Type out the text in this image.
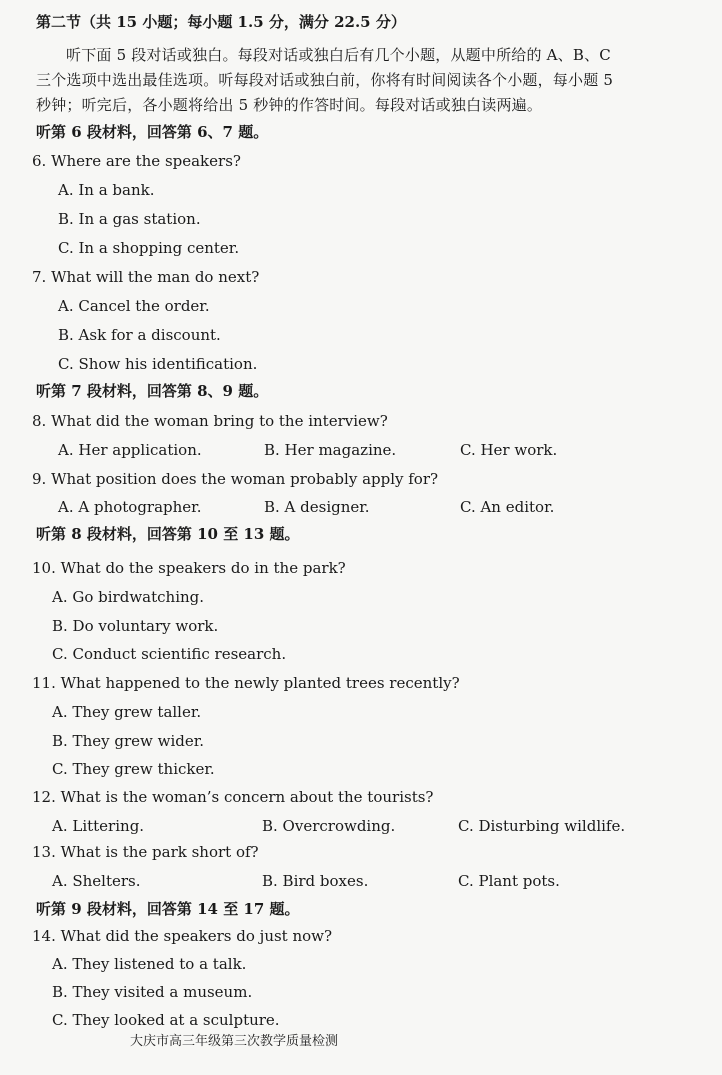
第二节（共 15 小题；每小题 1.5 分，满分 22.5 分）
听下面 5 段对话或独白。每段对话或独白后有几个小题，从题中所给的 A、B、C
三个选项中选出最佳选项。听每段对话或独白前，你将有时间阅读各个小题，每小题 5
秒钟；听完后，各小题将给出 5 秒钟的作答时间。每段对话或独白读两遍。
听第 6 段材料，回答第 6、7 题。
6. Where are the speakers?
A. In a bank.
B. In a gas station.
C. In a shopping center.
7. What will the man do next?
A. Cancel the order.
B. Ask for a discount.
C. Show his identification.
听第 7 段材料，回答第 8、9 题。
8. What did the woman bring to the interview?
A. Her application.	B. Her magazine.	C. Her work.
9. What position does the woman probably apply for?
A. A photographer.	B. A designer.	C. An editor.
听第 8 段材料，回答第 10 至 13 题。
10. What do the speakers do in the park?
A. Go birdwatching.
B. Do voluntary work.
C. Conduct scientific research.
11. What happened to the newly planted trees recently?
A. They grew taller.
B. They grew wider.
C. They grew thicker.
12. What is the woman’s concern about the tourists?
A. Littering.	B. Overcrowding.	C. Disturbing wildlife.
13. What is the park short of?
A. Shelters.	B. Bird boxes.	C. Plant pots.
听第 9 段材料，回答第 14 至 17 题。
14. What did the speakers do just now?
A. They listened to a talk.
B. They visited a museum.
C. They looked at a sculpture.
大庆市高三年级第三次教学质量检测
